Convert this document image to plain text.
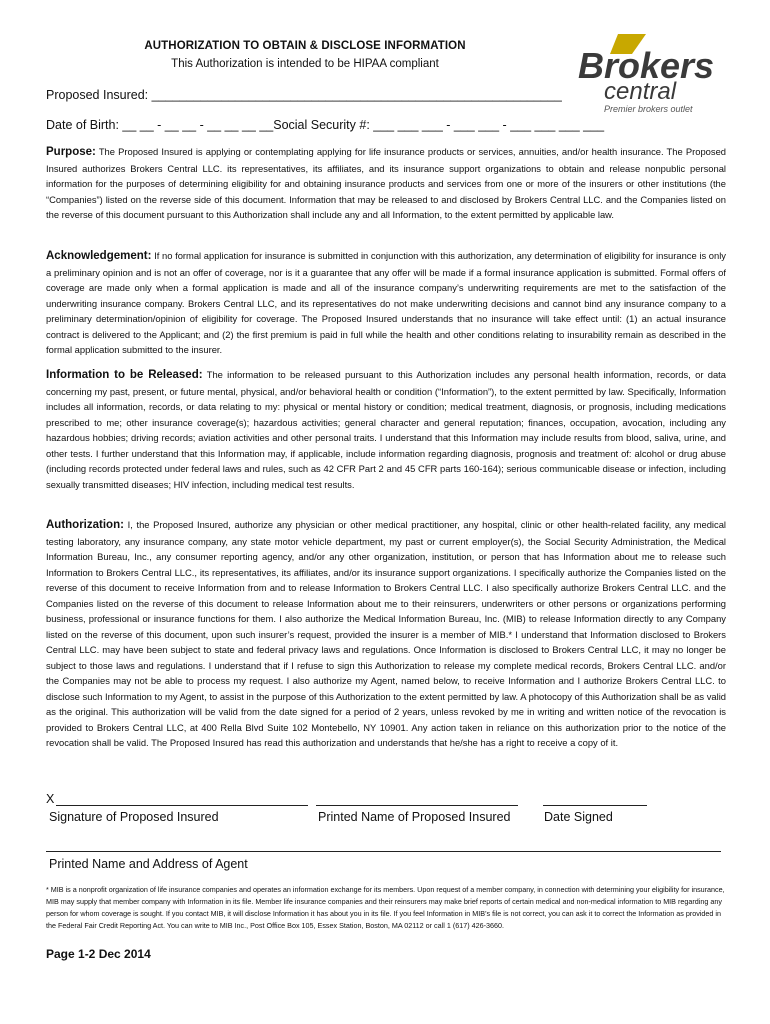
AUTHORIZATION TO OBTAIN & DISCLOSE INFORMATION
This Authorization is intended to be HIPAA compliant	Brokers
central
Premier brokers outlet
Proposed Insured: ___________________________________________________________
Date of Birth: __ __ - __ __ - __ __ __ __Social Security #: ___ ___ ___ - ___ ___ - ___ ___ ___ ___

Purpose: The Proposed Insured is applying or contemplating applying for life insurance products or services, annuities, and/or health insurance. The Proposed Insured authorizes Brokers Central LLC. its representatives, its affiliates, and its insurance support organizations to obtain and release nonpublic personal information for the purposes of determining eligibility for and obtaining insurance products and services from one or more of the insurers or other institutions (the “Companies”) listed on the reverse side of this document. Information that may be released to and disclosed by Brokers Central LLC. and the Companies listed on the reverse of this document pursuant to this Authorization shall include any and all Information, to the extent permitted by applicable law.

Acknowledgement: If no formal application for insurance is submitted in conjunction with this authorization, any determination of eligibility for insurance is only a preliminary opinion and is not an offer of coverage, nor is it a guarantee that any offer will be made if a formal insurance application is submitted. Formal offers of coverage are made only when a formal application is made and all of the insurance company’s underwriting requirements are met to the satisfaction of the underwriting insurance company. Brokers Central LLC, and its representatives do not make underwriting decisions and cannot bind any insurance company to a preliminary determination/opinion of eligibility for coverage. The Proposed Insured understands that no insurance will take effect until: (1) an actual insurance contract is delivered to the Applicant; and (2) the first premium is paid in full while the health and other conditions relating to insurability remain as described in the formal application submitted to the insurer.

Information to be Released: The information to be released pursuant to this Authorization includes any personal health information, records, or data concerning my past, present, or future mental, physical, and/or behavioral health or condition (“Information”), to the extent permitted by law. Specifically, Information includes all information, records, or data relating to my: physical or mental history or condition; medical treatment, diagnosis, or prognosis, including medications prescribed to me; other insurance coverage(s); hazardous activities; general character and general reputation; finances, occupation, avocation, including any hazardous hobbies; driving records; aviation activities and other personal traits. I understand that this Information may include results from blood, saliva, urine, and other tests. I further understand that this Information may, if applicable, include information regarding diagnosis, prognosis and treatment of: alcohol or drug abuse (including records protected under federal laws and rules, such as 42 CFR Part 2 and 45 CFR parts 160-164); serious communicable disease or infection, including sexually transmitted diseases; HIV infection, including medical test results.

Authorization: I, the Proposed Insured, authorize any physician or other medical practitioner, any hospital, clinic or other health-related facility, any medical testing laboratory, any insurance company, any state motor vehicle department, my past or current employer(s), the Social Security Administration, the Medical Information Bureau, Inc., any consumer reporting agency, and/or any other organization, institution, or person that has Information about me to release such Information to Brokers Central LLC., its representatives, its affiliates, and/or its insurance support organizations. I specifically authorize the Companies listed on the reverse of this document to receive Information from and to release Information to Brokers Central LLC. I also specifically authorize Brokers Central LLC. and the Companies listed on the reverse of this document to release Information about me to their reinsurers, underwriters or other persons or organizations performing business, professional or insurance functions for them. I also authorize the Medical Information Bureau, Inc. (MIB) to release Information directly to any Company listed on the reverse of this document, upon such insurer’s request, provided the insurer is a member of MIB.* I understand that Information disclosed to Brokers Central LLC. may have been subject to state and federal privacy laws and regulations. Once Information is disclosed to Brokers Central LLC, it may no longer be subject to those laws and regulations. I understand that if I refuse to sign this Authorization to release my complete medical records, Brokers Central LLC. and/or the Companies may not be able to process my request. I also authorize my Agent, named below, to receive Information and I authorize Brokers Central LLC. to disclose such Information to my Agent, to assist in the purpose of this Authorization to the extent permitted by law. A photocopy of this Authorization shall be as valid as the original. This authorization will be valid from the date signed for a period of 2 years, unless revoked by me in writing and written notice of the revocation is provided to Brokers Central LLC, at 400 Rella Blvd Suite 102 Montebello, NY 10901. Any action taken in reliance on this authorization prior to the notice of the revocation shall be valid. The Proposed Insured has read this authorization and understands that he/she has a right to receive a copy of it.

X
Signature of Proposed Insured	Printed Name of Proposed Insured	Date Signed
Printed Name and Address of Agent

* MIB is a nonprofit organization of life insurance companies and operates an information exchange for its members. Upon request of a member company, in connection with determining your eligibility for insurance, MIB may supply that member company with Information in its file. Member life insurance companies and their reinsurers may make brief reports of certain medical and non-medical information to MIB regarding any person for whom coverage is sought. If you contact MIB, it will disclose Information it has about you in its file. If you feel Information in MIB’s file is not correct, you can ask it to correct the Information as provided in the Federal Fair Credit Reporting Act. You can write to MIB Inc., Post Office Box 105, Essex Station, Boston, MA 02112 or call 1 (617) 426-3660.

Page 1-2 Dec 2014
